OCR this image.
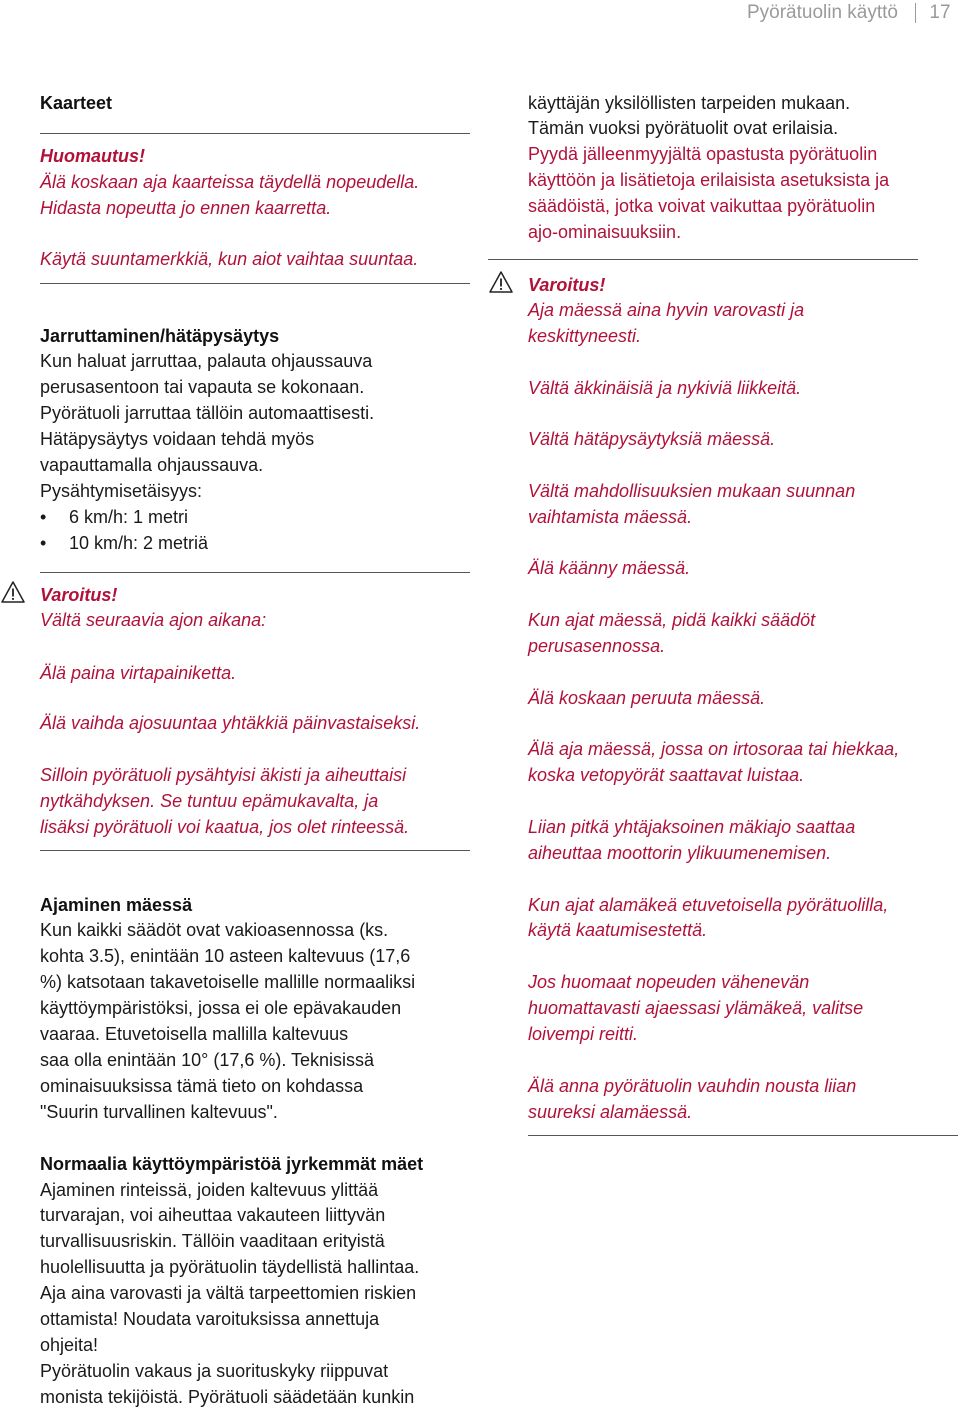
Pyörätuolin käyttö	17
Kaarteet
Huomautus!
Älä koskaan aja kaarteissa täydellä nopeudella.
Hidasta nopeutta jo ennen kaarretta.
Käytä suuntamerkkiä, kun aiot vaihtaa suuntaa.
Jarruttaminen/hätäpysäytys
Kun haluat jarruttaa, palauta ohjaussauva
perusasentoon tai vapauta se kokonaan.
Pyörätuoli jarruttaa tällöin automaattisesti.
Hätäpysäytys voidaan tehdä myös
vapauttamalla ohjaussauva.
Pysähtymisetäisyys:
• 6 km/h: 1 metri
• 10 km/h: 2 metriä
Varoitus!
Vältä seuraavia ajon aikana:
Älä paina virtapainiketta.
Älä vaihda ajosuuntaa yhtäkkiä päinvastaiseksi.
Silloin pyörätuoli pysähtyisi äkisti ja aiheuttaisi
nytkähdyksen. Se tuntuu epämukavalta, ja
lisäksi pyörätuoli voi kaatua, jos olet rinteessä.
Ajaminen mäessä
Kun kaikki säädöt ovat vakioasennossa (ks.
kohta 3.5), enintään 10 asteen kaltevuus (17,6
%) katsotaan takavetoiselle mallille normaaliksi
käyttöympäristöksi, jossa ei ole epävakauden
vaaraa. Etuvetoisella mallilla kaltevuus
saa olla enintään 10° (17,6 %). Teknisissä
ominaisuuksissa tämä tieto on kohdassa
"Suurin turvallinen kaltevuus".
Normaalia käyttöympäristöä jyrkemmät mäet
Ajaminen rinteissä, joiden kaltevuus ylittää
turvarajan, voi aiheuttaa vakauteen liittyvän
turvallisuusriskin. Tällöin vaaditaan erityistä
huolellisuutta ja pyörätuolin täydellistä hallintaa.
Aja aina varovasti ja vältä tarpeettomien riskien
ottamista! Noudata varoituksissa annettuja
ohjeita!
Pyörätuolin vakaus ja suorituskyky riippuvat
monista tekijöistä. Pyörätuoli säädetään kunkin
käyttäjän yksilöllisten tarpeiden mukaan.
Tämän vuoksi pyörätuolit ovat erilaisia.
Pyydä jälleenmyyjältä opastusta pyörätuolin
käyttöön ja lisätietoja erilaisista asetuksista ja
säädöistä, jotka voivat vaikuttaa pyörätuolin
ajo-ominaisuuksiin.
Varoitus!
Aja mäessä aina hyvin varovasti ja
keskittyneesti.
Vältä äkkinäisiä ja nykiviä liikkeitä.
Vältä hätäpysäytyksiä mäessä.
Vältä mahdollisuuksien mukaan suunnan
vaihtamista mäessä.
Älä käänny mäessä.
Kun ajat mäessä, pidä kaikki säädöt
perusasennossa.
Älä koskaan peruuta mäessä.
Älä aja mäessä, jossa on irtosoraa tai hiekkaa,
koska vetopyörät saattavat luistaa.
Liian pitkä yhtäjaksoinen mäkiajo saattaa
aiheuttaa moottorin ylikuumenemisen.
Kun ajat alamäkeä etuvetoisella pyörätuolilla,
käytä kaatumisestettä.
Jos huomaat nopeuden vähenevän
huomattavasti ajaessasi ylämäkeä, valitse
loivempi reitti.
Älä anna pyörätuolin vauhdin nousta liian
suureksi alamäessä.
